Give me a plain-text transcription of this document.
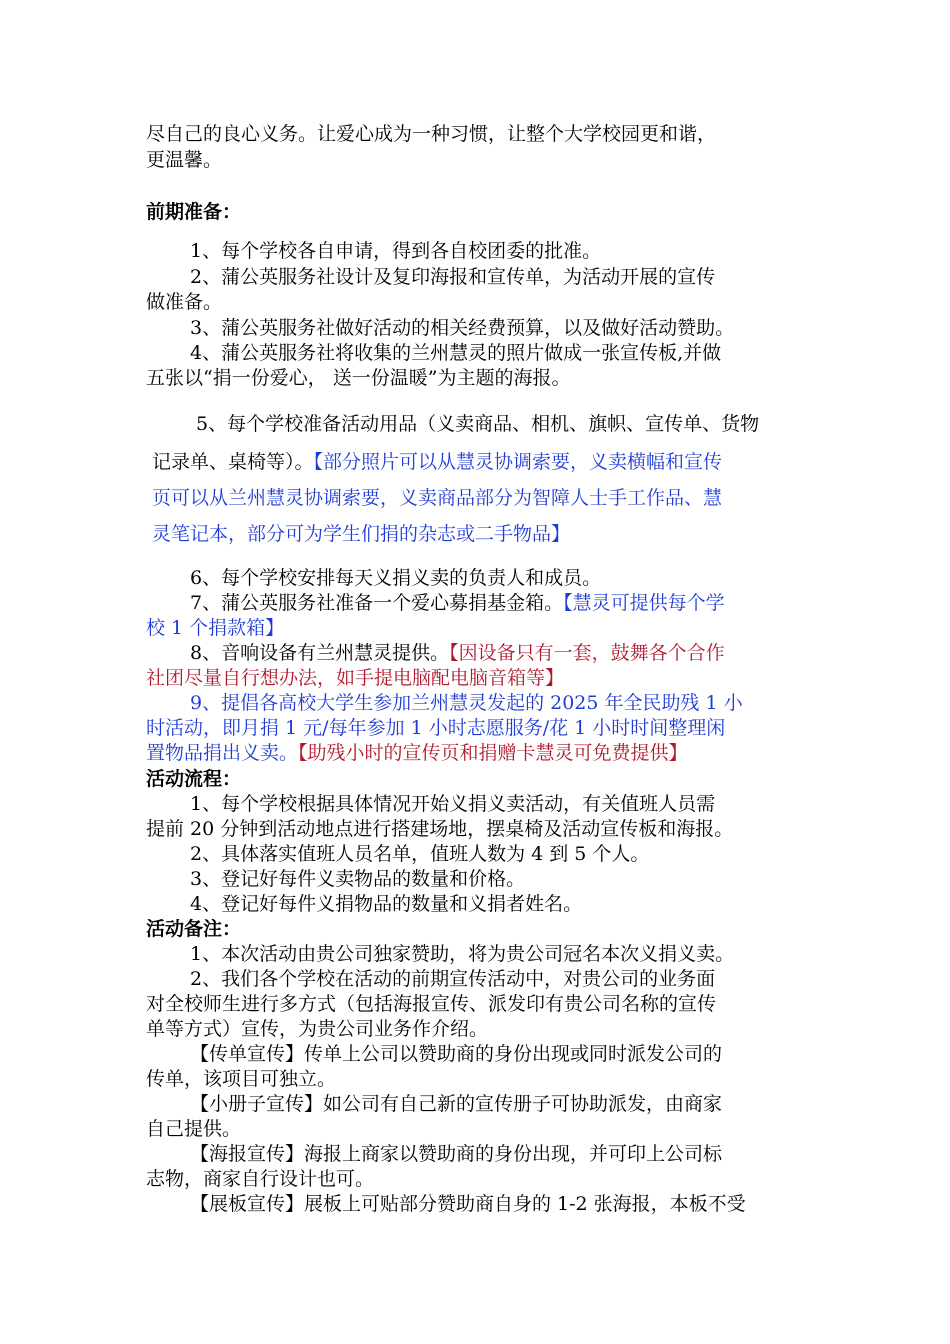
尽自己的良心义务。让爱心成为一种习惯，让整个大学校园更和谐，
更温馨。
前期准备：
1、每个学校各自申请，得到各自校团委的批准。
2、蒲公英服务社设计及复印海报和宣传单，为活动开展的宣传
做准备。
3、蒲公英服务社做好活动的相关经费预算，以及做好活动赞助。
4、蒲公英服务社将收集的兰州慧灵的照片做成一张宣传板,并做
五张以“捐一份爱心， 送一份温暖”为主题的海报。
5、每个学校准备活动用品（义卖商品、相机、旗帜、宣传单、货物
记录单、桌椅等）。【部分照片可以从慧灵协调索要，义卖横幅和宣传
页可以从兰州慧灵协调索要，义卖商品部分为智障人士手工作品、慧
灵笔记本，部分可为学生们捐的杂志或二手物品】
6、每个学校安排每天义捐义卖的负责人和成员。
7、蒲公英服务社准备一个爱心募捐基金箱。【慧灵可提供每个学
校 1 个捐款箱】
8、音响设备有兰州慧灵提供。【因设备只有一套，鼓舞各个合作
社团尽量自行想办法，如手提电脑配电脑音箱等】
9、提倡各高校大学生参加兰州慧灵发起的 2025 年全民助残 1 小
时活动，即月捐 1 元/每年参加 1 小时志愿服务/花 1 小时时间整理闲
置物品捐出义卖。【助残小时的宣传页和捐赠卡慧灵可免费提供】
活动流程：
1、每个学校根据具体情况开始义捐义卖活动，有关值班人员需
提前 20 分钟到活动地点进行搭建场地，摆桌椅及活动宣传板和海报。
2、具体落实值班人员名单，值班人数为 4 到 5 个人。
3、登记好每件义卖物品的数量和价格。
4、登记好每件义捐物品的数量和义捐者姓名。
活动备注：
1、本次活动由贵公司独家赞助，将为贵公司冠名本次义捐义卖。
2、我们各个学校在活动的前期宣传活动中，对贵公司的业务面
对全校师生进行多方式（包括海报宣传、派发印有贵公司名称的宣传
单等方式）宣传，为贵公司业务作介绍。
【传单宣传】传单上公司以赞助商的身份出现或同时派发公司的
传单，该项目可独立。
【小册子宣传】如公司有自己新的宣传册子可协助派发，由商家
自己提供。
【海报宣传】海报上商家以赞助商的身份出现，并可印上公司标
志物，商家自行设计也可。
【展板宣传】展板上可贴部分赞助商自身的 1-2 张海报，本板不受
